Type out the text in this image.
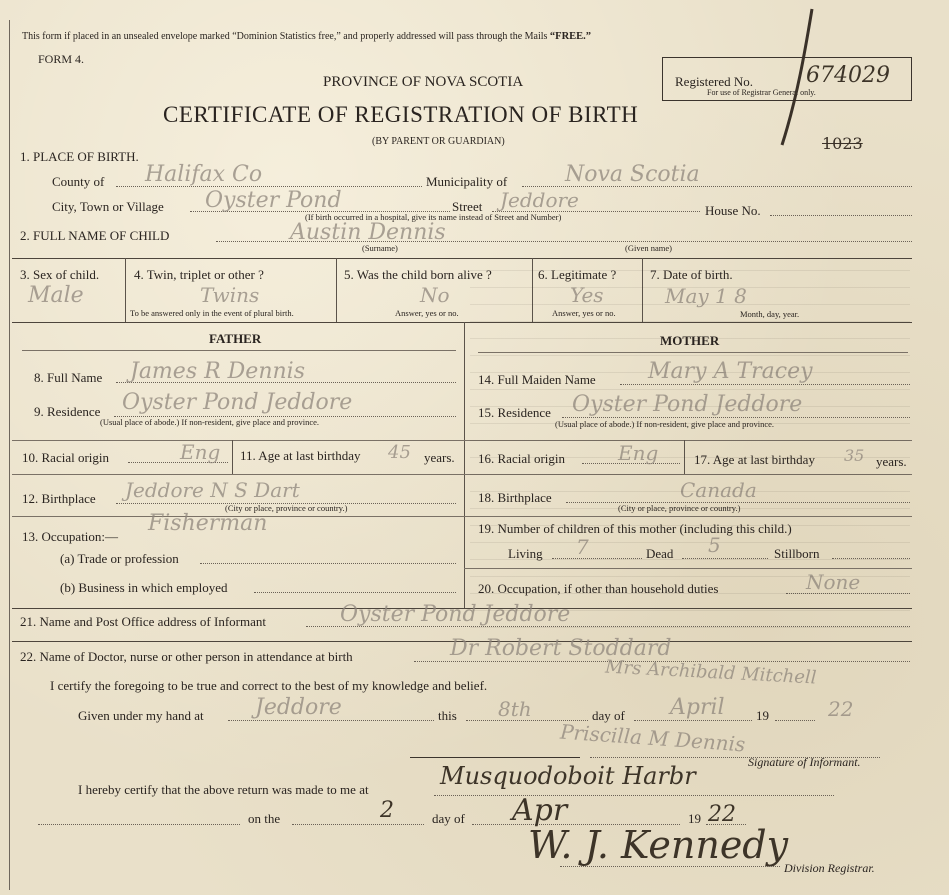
This form if placed in an unsealed envelope marked “Dominion Statistics free,” and properly addressed will pass through the Mails “FREE.”
FORM 4.
PROVINCE OF NOVA SCOTIA
CERTIFICATE OF REGISTRATION OF BIRTH
(BY PARENT OR GUARDIAN)
Registered No. 674029
For use of Registrar General only.
1023
1. PLACE OF BIRTH.
County of Halifax Co	Municipality of	Nova Scotia
City, Town or Village Oyster Pond	Street Jeddore	House No.
(If birth occurred in a hospital, give its name instead of Street and Number)
2. FULL NAME OF CHILD	Austin Dennis
(Surname)	(Given name)
3. Sex of child.
Male
4. Twin, triplet or other ?
Twins
To be answered only in the event of plural birth.
5. Was the child born alive ?
No
Answer, yes or no.
6. Legitimate ?
Yes
Answer, yes or no.
7. Date of birth.
May 1 8
Month, day, year.
FATHER	MOTHER
8. Full Name James R Dennis
9. Residence Oyster Pond Jeddore
(Usual place of abode.) If non-resident, give place and province.
10. Racial origin	Eng 11. Age at last birthday 45 years.
12. Birthplace Jeddore N S Dart
(City or place, province or country.)
13. Occupation:—
Fisherman
(a) Trade or profession
(b) Business in which employed
14. Full Maiden Name Mary A Tracey
15. Residence Oyster Pond Jeddore
(Usual place of abode.) If non-resident, give place and province.
16. Racial origin	Eng	17. Age at last birthday 35 years.
18. Birthplace	Canada
(City or place, province or country.)
19. Number of children of this mother (including this child.)
Living 7	Dead 5	Stillborn
20. Occupation, if other than household duties	None
21. Name and Post Office address of Informant	Oyster Pond Jeddore
22. Name of Doctor, nurse or other person in attendance at birth	Dr Robert Stoddard
Mrs Archibald Mitchell
I certify the foregoing to be true and correct to the best of my knowledge and belief.
Given under my hand at Jeddore	this 8th	day of April 19	22
Priscilla M Dennis
Signature of Informant.
I hereby certify that the above return was made to me at	Musquodoboit Harbr
on the	2	day of Apr	19 22
W. J. Kennedy
Division Registrar.
